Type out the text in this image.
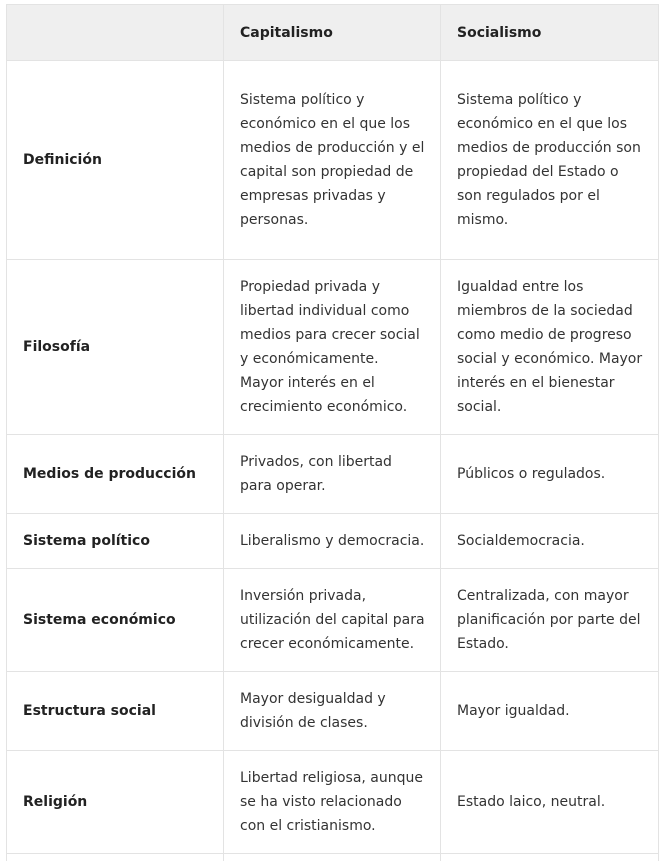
	Capitalismo	Socialismo
Definición	Sistema político y económico en el que los medios de producción y el capital son propiedad de empresas privadas y personas.	Sistema político y económico en el que los medios de producción son propiedad del Estado o son regulados por el mismo.
Filosofía	Propiedad privada y libertad individual como medios para crecer social y económicamente. Mayor interés en el crecimiento económico.	Igualdad entre los miembros de la sociedad como medio de progreso social y económico. Mayor interés en el bienestar social.
Medios de producción	Privados, con libertad para operar.	Públicos o regulados.
Sistema político	Liberalismo y democracia.	Socialdemocracia.
Sistema económico	Inversión privada, utilización del capital para crecer económicamente.	Centralizada, con mayor planificación por parte del Estado.
Estructura social	Mayor desigualdad y división de clases.	Mayor igualdad.
Religión	Libertad religiosa, aunque se ha visto relacionado con el cristianismo.	Estado laico, neutral.
